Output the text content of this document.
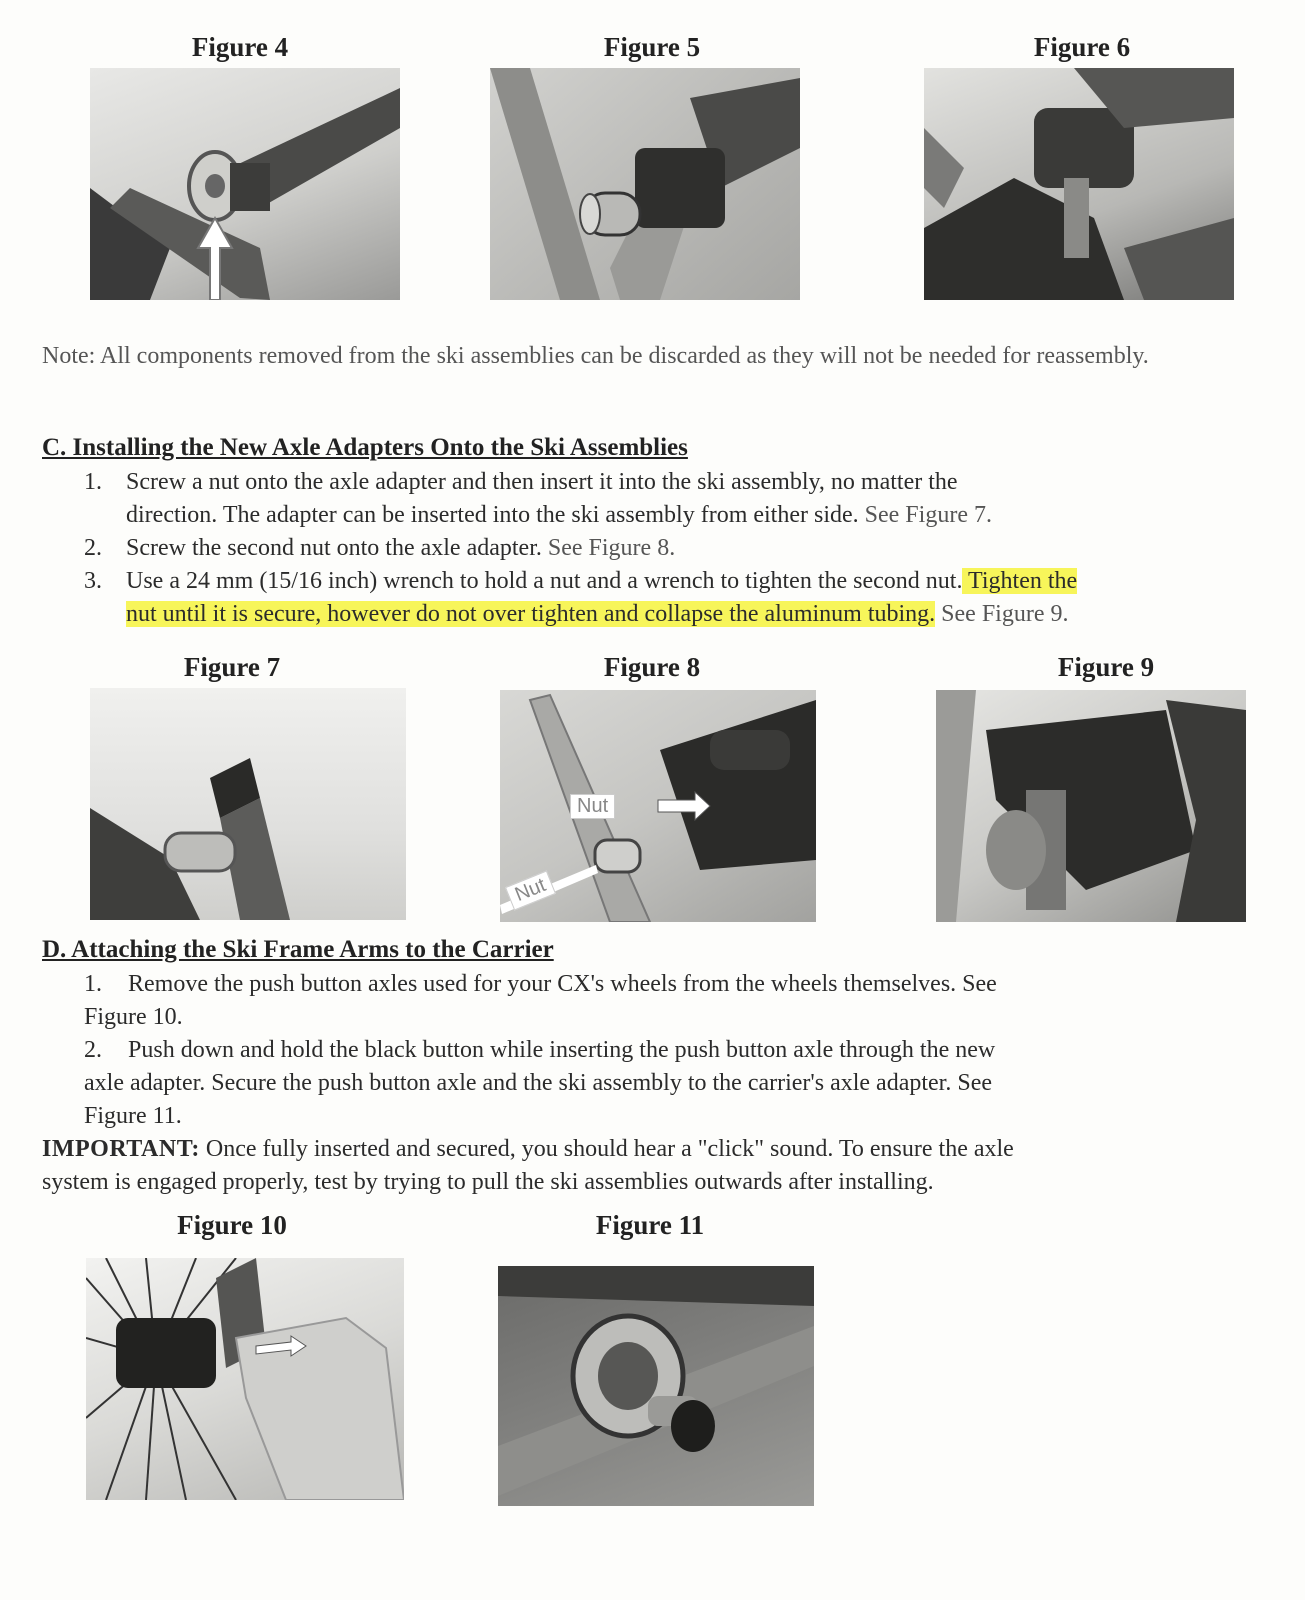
Figure 4	Figure 5	Figure 6
Note: All components removed from the ski assemblies can be discarded as they will not be needed for reassembly.
C. Installing the New Axle Adapters Onto the Ski Assemblies
1. Screw a nut onto the axle adapter and then insert it into the ski assembly, no matter the
direction. The adapter can be inserted into the ski assembly from either side. See Figure 7.
2. Screw the second nut onto the axle adapter. See Figure 8.
3. Use a 24 mm (15/16 inch) wrench to hold a nut and a wrench to tighten the second nut. Tighten the
nut until it is secure, however do not over tighten and collapse the aluminum tubing. See Figure 9.
Figure 7	Figure 8	Figure 9
Nut
Nut
D. Attaching the Ski Frame Arms to the Carrier
1. Remove the push button axles used for your CX's wheels from the wheels themselves. See
Figure 10.
2. Push down and hold the black button while inserting the push button axle through the new
axle adapter. Secure the push button axle and the ski assembly to the carrier's axle adapter. See
Figure 11.
IMPORTANT: Once fully inserted and secured, you should hear a "click" sound. To ensure the axle
system is engaged properly, test by trying to pull the ski assemblies outwards after installing.
Figure 10	Figure 11
